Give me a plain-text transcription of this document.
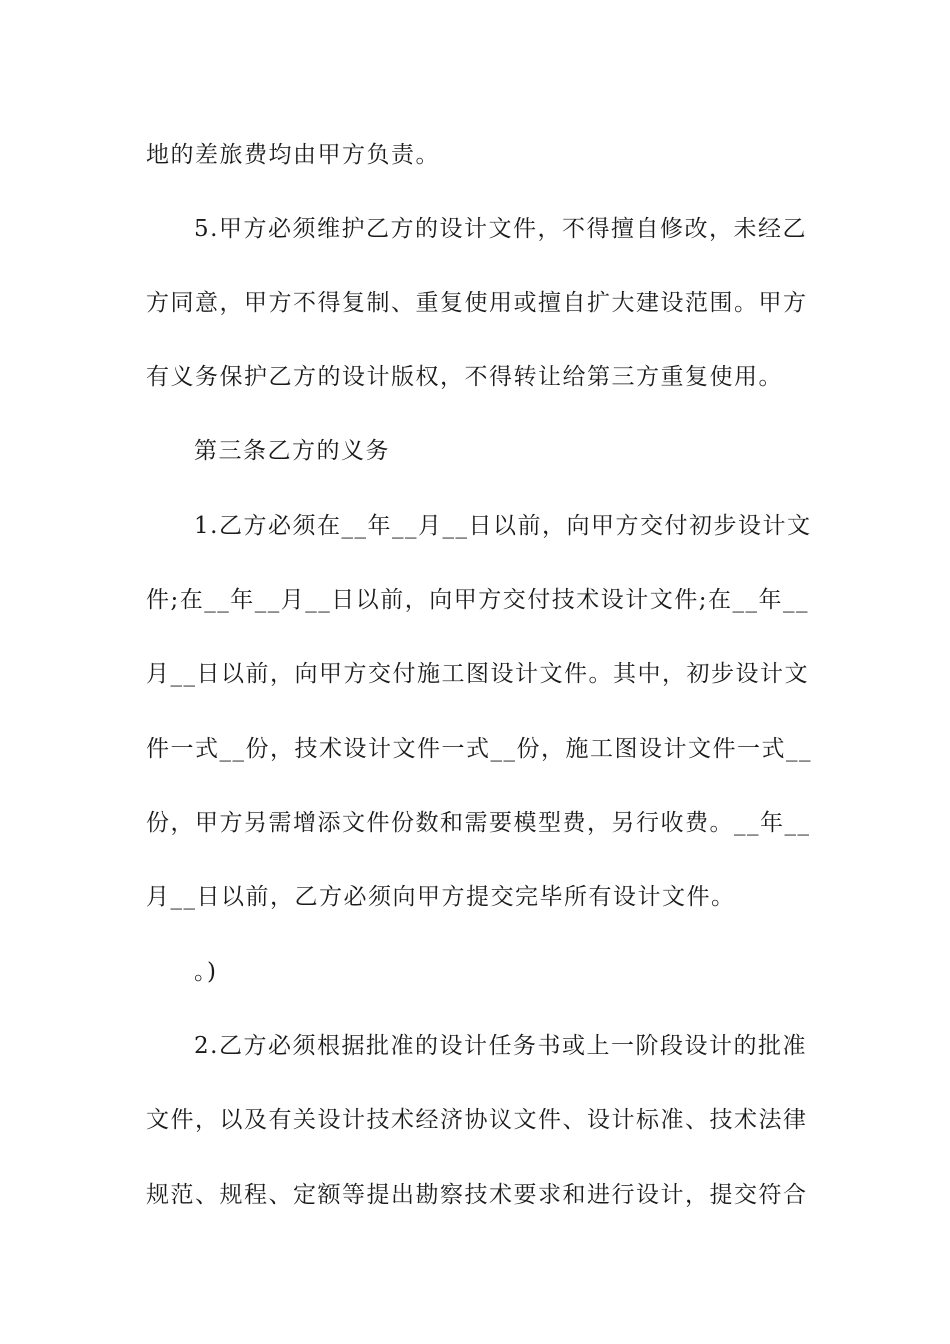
地的差旅费均由甲方负责。
5.甲方必须维护乙方的设计文件，不得擅自修改，未经乙
方同意，甲方不得复制、重复使用或擅自扩大建设范围。甲方
有义务保护乙方的设计版权，不得转让给第三方重复使用。
第三条乙方的义务
1.乙方必须在__年__月__日以前，向甲方交付初步设计文
件;在__年__月__日以前，向甲方交付技术设计文件;在__年__
月__日以前，向甲方交付施工图设计文件。其中，初步设计文
件一式__份，技术设计文件一式__份，施工图设计文件一式__
份，甲方另需增添文件份数和需要模型费，另行收费。__年__
月__日以前，乙方必须向甲方提交完毕所有设计文件。
。)
2.乙方必须根据批准的设计任务书或上一阶段设计的批准
文件，以及有关设计技术经济协议文件、设计标准、技术法律
规范、规程、定额等提出勘察技术要求和进行设计，提交符合
